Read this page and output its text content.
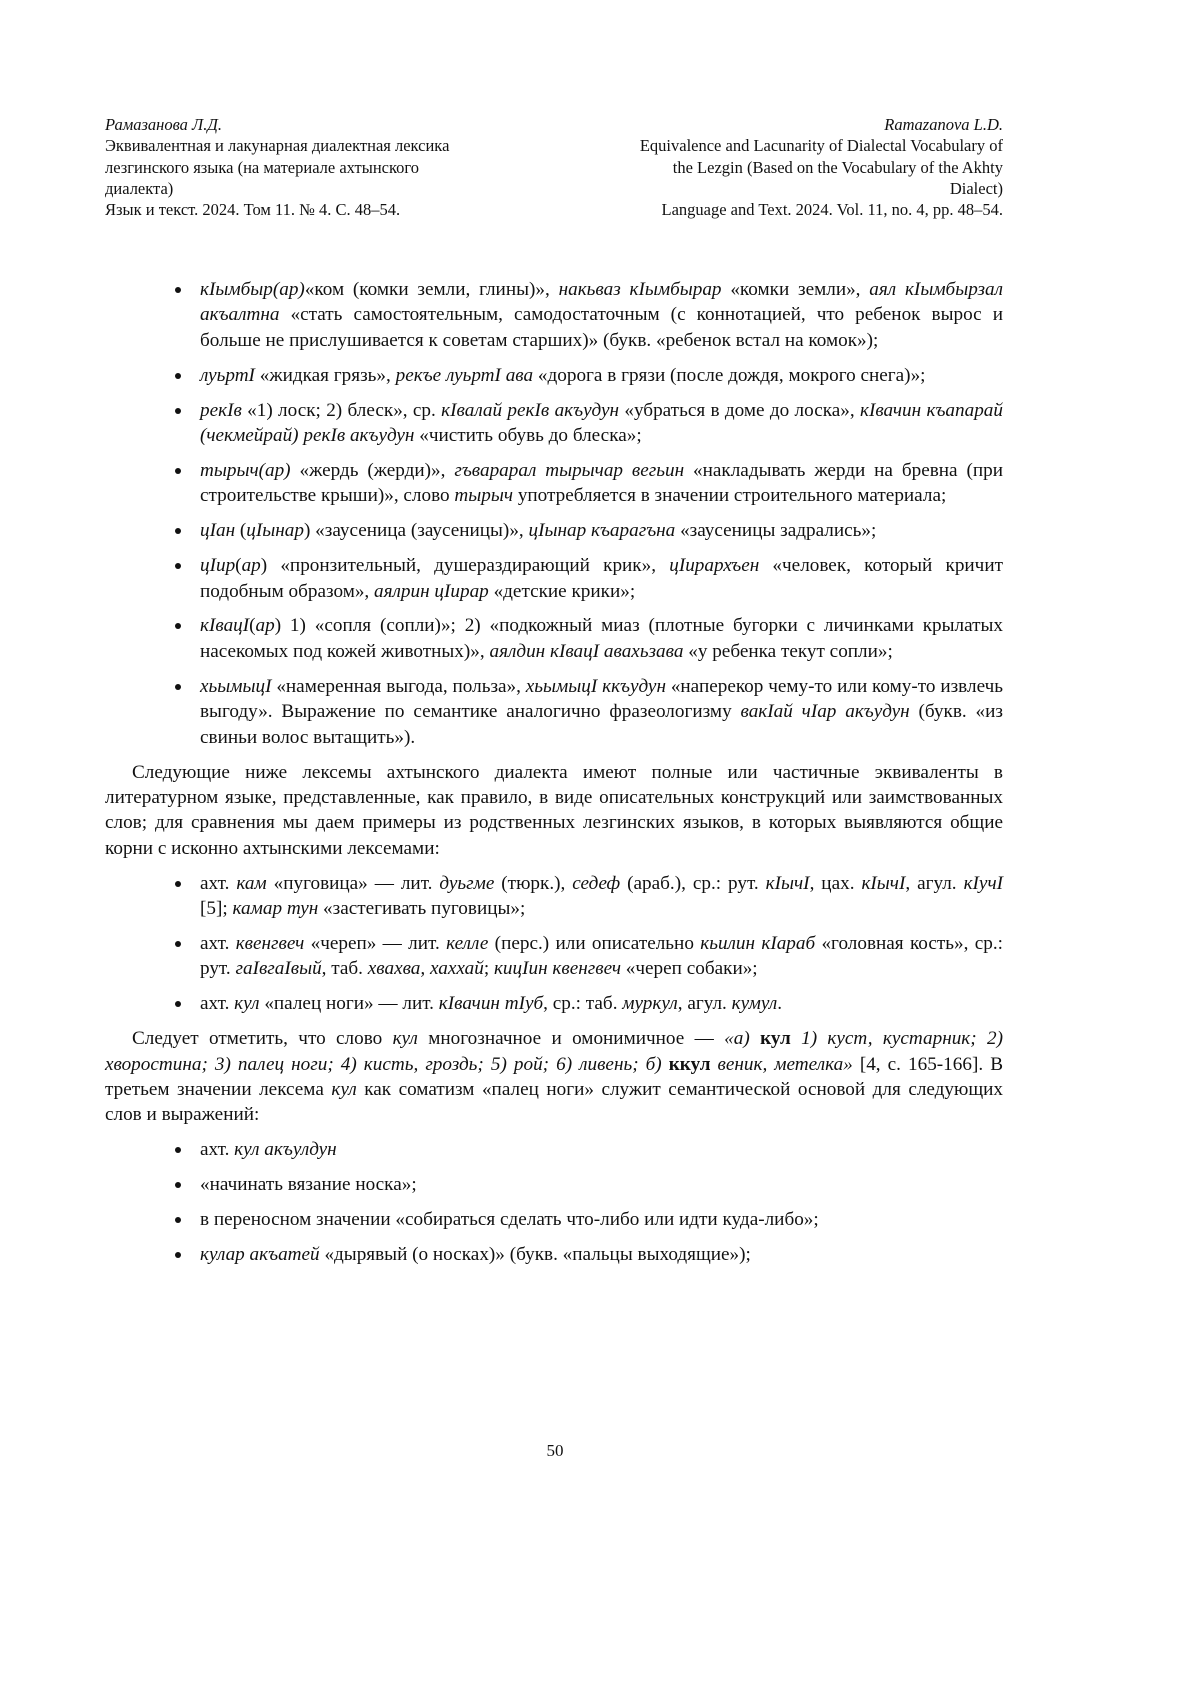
Рамазанова Л.Д.
Эквивалентная и лакунарная диалектная лексика
лезгинского языка (на материале ахтынского
диалекта)
Язык и текст. 2024. Том 11. № 4. С. 48–54.
Ramazanova L.D.
Equivalence and Lacunarity of Dialectal Vocabulary of
the Lezgin (Based on the Vocabulary of the Akhty
Dialect)
Language and Text. 2024. Vol. 11, no. 4, pp. 48–54.
кIымбыр(ар)«ком (комки земли, глины)», накьваз кIымбырар «комки земли», аял кIымбырзал акъалтна «стать самостоятельным, самодостаточным (с коннотацией, что ребенок вырос и больше не прислушивается к советам старших)» (букв. «ребенок встал на комок»);
луьртI «жидкая грязь», рекъе луьртI ава «дорога в грязи (после дождя, мокрого снега)»;
рекIв «1) лоск; 2) блеск», ср. кIвалай рекIв акъудун «убраться в доме до лоска», кIвачин къапарай (чекмейрай) рекIв акъудун «чистить обувь до блеска»;
тырыч(ар) «жердь (жерди)», гъварарал тырычар вегьин «накладывать жерди на бревна (при строительстве крыши)», слово тырыч употребляется в значении строительного материала;
цIан (цIынар) «заусеница (заусеницы)», цIынар къарагъна «заусеницы задрались»;
цIир(ар) «пронзительный, душераздирающий крик», цIирархъен «человек, который кричит подобным образом», аялрин цIирар «детские крики»;
кIвацI(ар) 1) «сопля (сопли)»; 2) «подкожный миаз (плотные бугорки с личинками крылатых насекомых под кожей животных)», аялдин кIвацI авахьзава «у ребенка текут сопли»;
хьымыцI «намеренная выгода, польза», хьымыцI ккъудун «наперекор чему-то или кому-то извлечь выгоду». Выражение по семантике аналогично фразеологизму вакIай чIар акъудун (букв. «из свиньи волос вытащить»).
Следующие ниже лексемы ахтынского диалекта имеют полные или частичные эквиваленты в литературном языке, представленные, как правило, в виде описательных конструкций или заимствованных слов; для сравнения мы даем примеры из родственных лезгинских языков, в которых выявляются общие корни с исконно ахтынскими лексемами:
ахт. кам «пуговица» — лит. дуьгме (тюрк.), седеф (араб.), ср.: рут. кIычI, цах. кIычI, агул. кIучI [5]; камар тун «застегивать пуговицы»;
ахт. квенгвеч «череп» — лит. келле (перс.) или описательно кьилин кIараб «головная кость», ср.: рут. гаIвгаIвый, таб. хвахва, хаххай; кицIин квенгвеч «череп собаки»;
ахт. кул «палец ноги» — лит. кIвачин тIуб, ср.: таб. муркул, агул. кумул.
Следует отметить, что слово кул многозначное и омонимичное — «а) кул 1) куст, кустарник; 2) хворостина; 3) палец ноги; 4) кисть, гроздь; 5) рой; 6) ливень; б) ккул веник, метелка» [4, с. 165-166]. В третьем значении лексема кул как соматизм «палец ноги» служит семантической основой для следующих слов и выражений:
ахт. кул акъулдун
«начинать вязание носка»;
в переносном значении «собираться сделать что-либо или идти куда-либо»;
кулар акъатей «дырявый (о носках)» (букв. «пальцы выходящие»);
50
